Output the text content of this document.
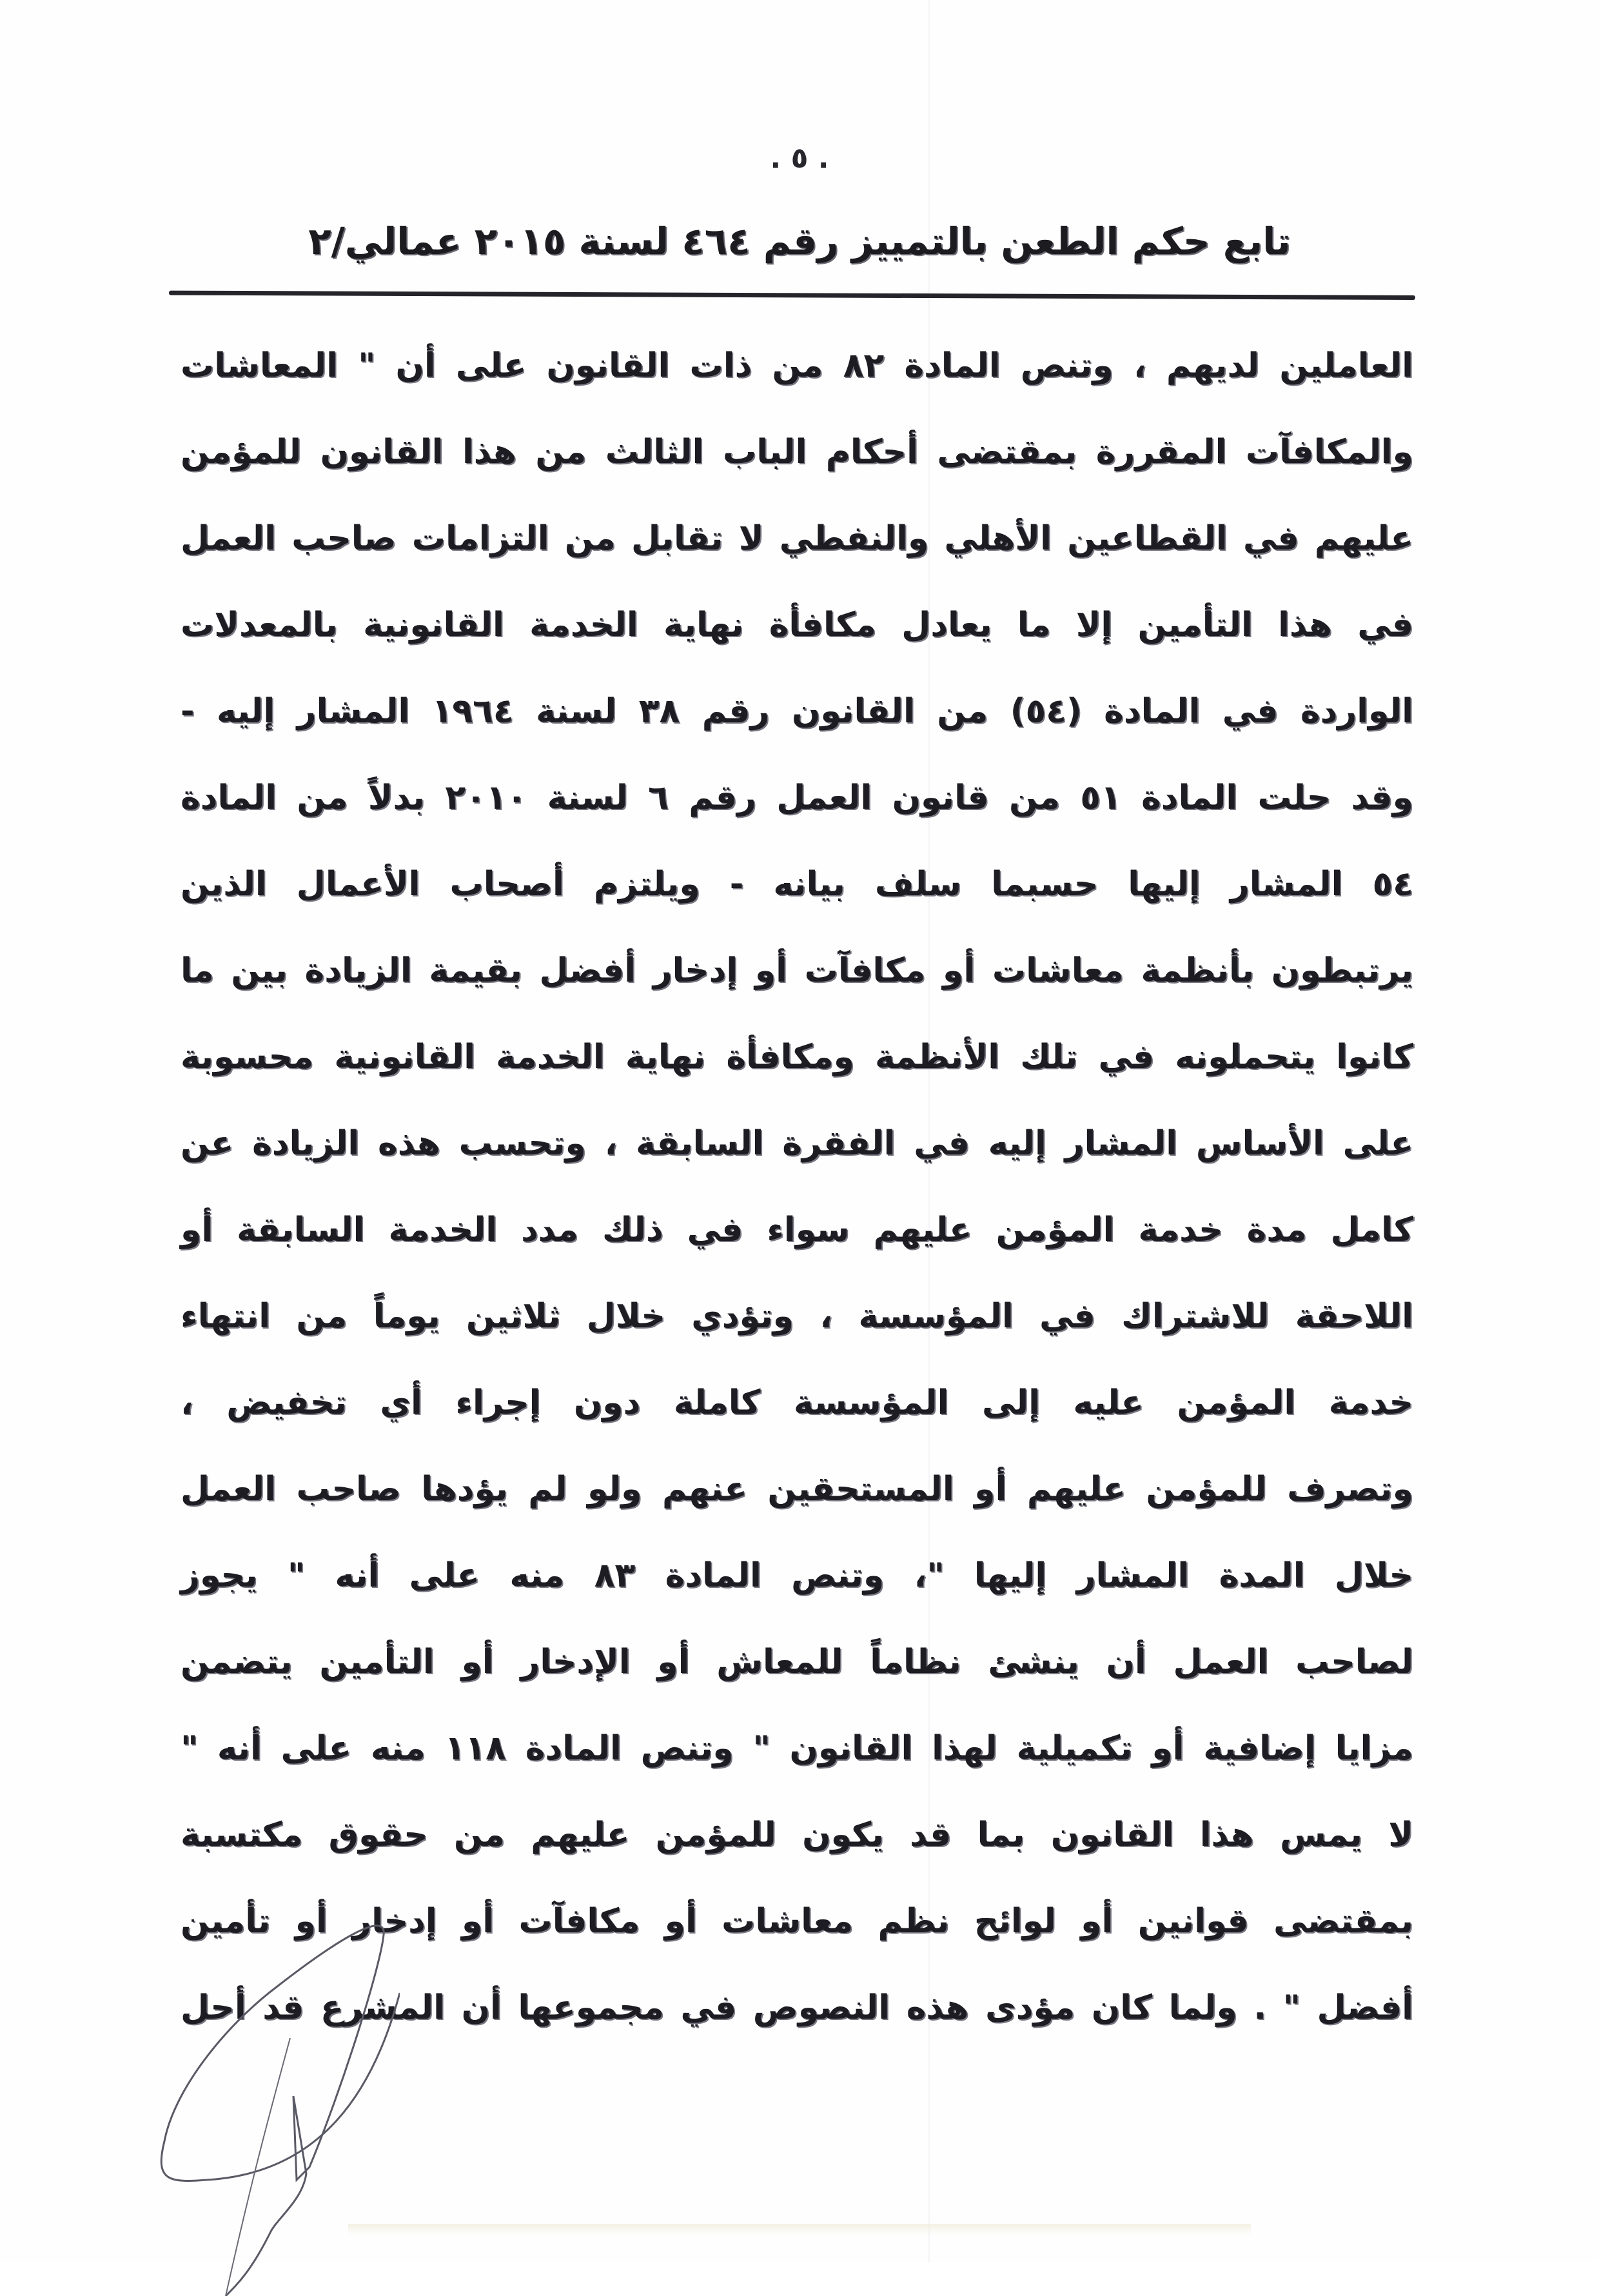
. ٥ .
تابع حكم الطعن بالتمييز رقم ٤٦٤ لسنة ٢٠١٥ عمالي/٢
العاملين لديهم ، وتنص المادة ٨٢ من ذات القانون على أن " المعاشات
والمكافآت المقررة بمقتضى أحكام الباب الثالث من هذا القانون للمؤمن
عليهم في القطاعين الأهلي والنفطي لا تقابل من التزامات صاحب العمل
في هذا التأمين إلا ما يعادل مكافأة نهاية الخدمة القانونية بالمعدلات
الواردة في المادة (٥٤) من القانون رقم ٣٨ لسنة ١٩٦٤ المشار إليه -
وقد حلت المادة ٥١ من قانون العمل رقم ٦ لسنة ٢٠١٠ بدلاً من المادة
٥٤ المشار إليها حسبما سلف بيانه - ويلتزم أصحاب الأعمال الذين
يرتبطون بأنظمة معاشات أو مكافآت أو إدخار أفضل بقيمة الزيادة بين ما
كانوا يتحملونه في تلك الأنظمة ومكافأة نهاية الخدمة القانونية محسوبة
على الأساس المشار إليه في الفقرة السابقة ، وتحسب هذه الزيادة عن
كامل مدة خدمة المؤمن عليهم سواء في ذلك مدد الخدمة السابقة أو
اللاحقة للاشتراك في المؤسسة ، وتؤدي خلال ثلاثين يوماً من انتهاء
خدمة المؤمن عليه إلى المؤسسة كاملة دون إجراء أي تخفيض ،
وتصرف للمؤمن عليهم أو المستحقين عنهم ولو لم يؤدها صاحب العمل
خلال المدة المشار إليها "، وتنص المادة ٨٣ منه على أنه " يجوز
لصاحب العمل أن ينشئ نظاماً للمعاش أو الإدخار أو التأمين يتضمن
مزايا إضافية أو تكميلية لهذا القانون " وتنص المادة ١١٨ منه على أنه "
لا يمس هذا القانون بما قد يكون للمؤمن عليهم من حقوق مكتسبة
بمقتضى قوانين أو لوائح نظم معاشات أو مكافآت أو إدخار أو تأمين
أفضل " . ولما كان مؤدى هذه النصوص في مجموعها أن المشرع قد أحل
